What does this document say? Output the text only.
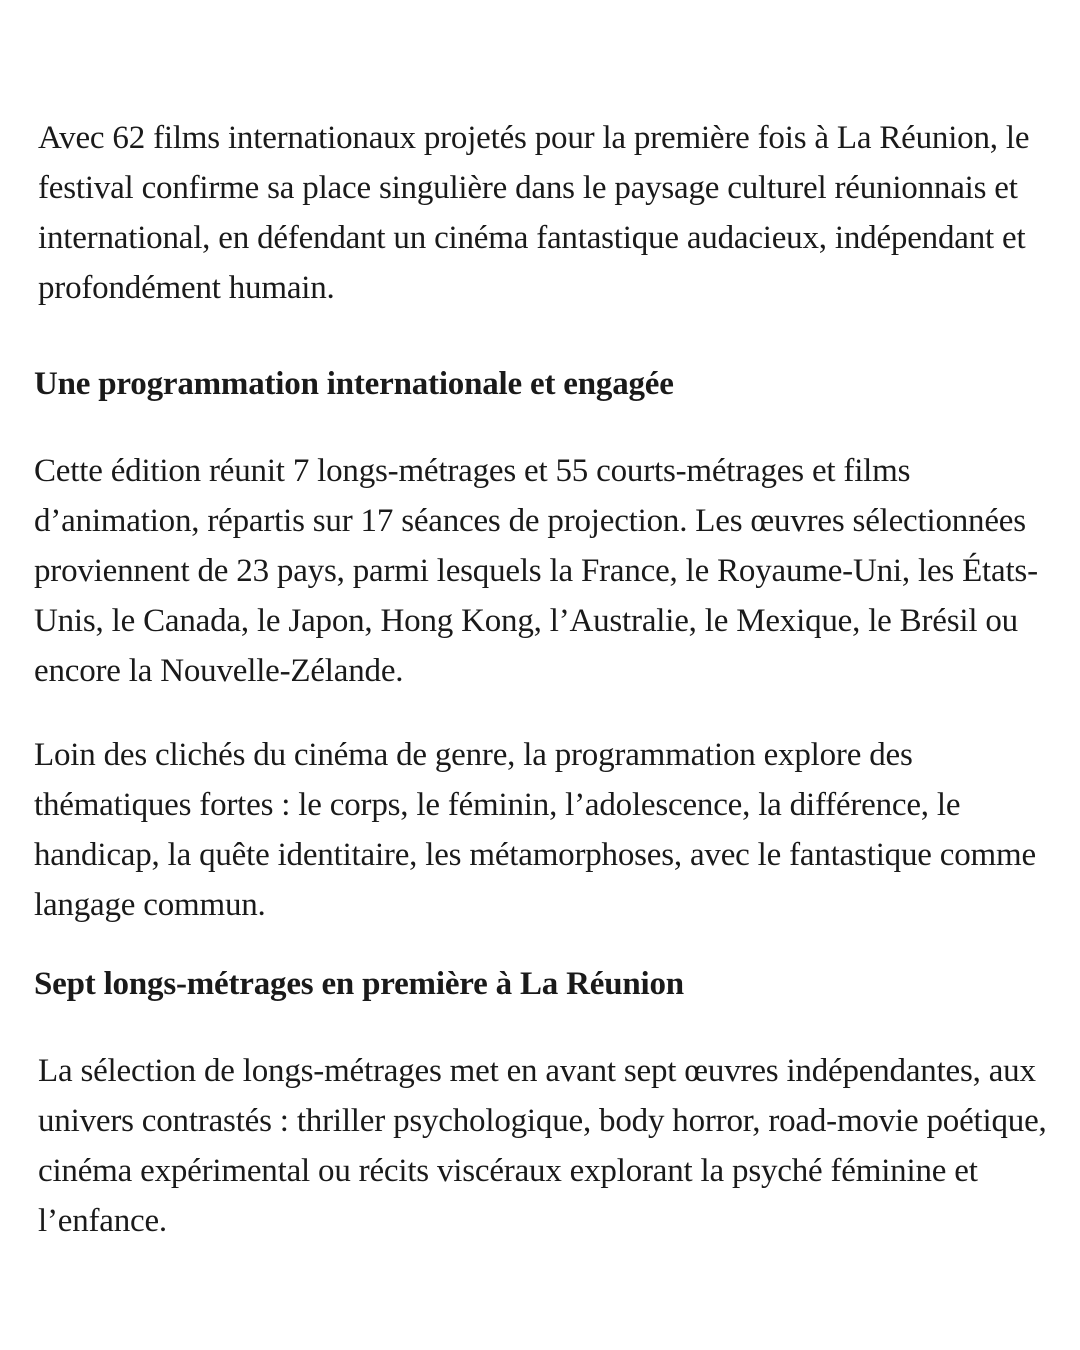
Avec 62 films internationaux projetés pour la première fois à La Réunion, le festival confirme sa place singulière dans le paysage culturel réunionnais et international, en défendant un cinéma fantastique audacieux, indépendant et profondément humain.

Une programmation internationale et engagée

Cette édition réunit 7 longs-métrages et 55 courts-métrages et films d’animation, répartis sur 17 séances de projection. Les œuvres sélectionnées proviennent de 23 pays, parmi lesquels la France, le Royaume-Uni, les États-Unis, le Canada, le Japon, Hong Kong, l’Australie, le Mexique, le Brésil ou encore la Nouvelle-Zélande.

Loin des clichés du cinéma de genre, la programmation explore des thématiques fortes : le corps, le féminin, l’adolescence, la différence, le handicap, la quête identitaire, les métamorphoses, avec le fantastique comme langage commun.

Sept longs-métrages en première à La Réunion

La sélection de longs-métrages met en avant sept œuvres indépendantes, aux univers contrastés : thriller psychologique, body horror, road-movie poétique, cinéma expérimental ou récits viscéraux explorant la psyché féminine et l’enfance.
